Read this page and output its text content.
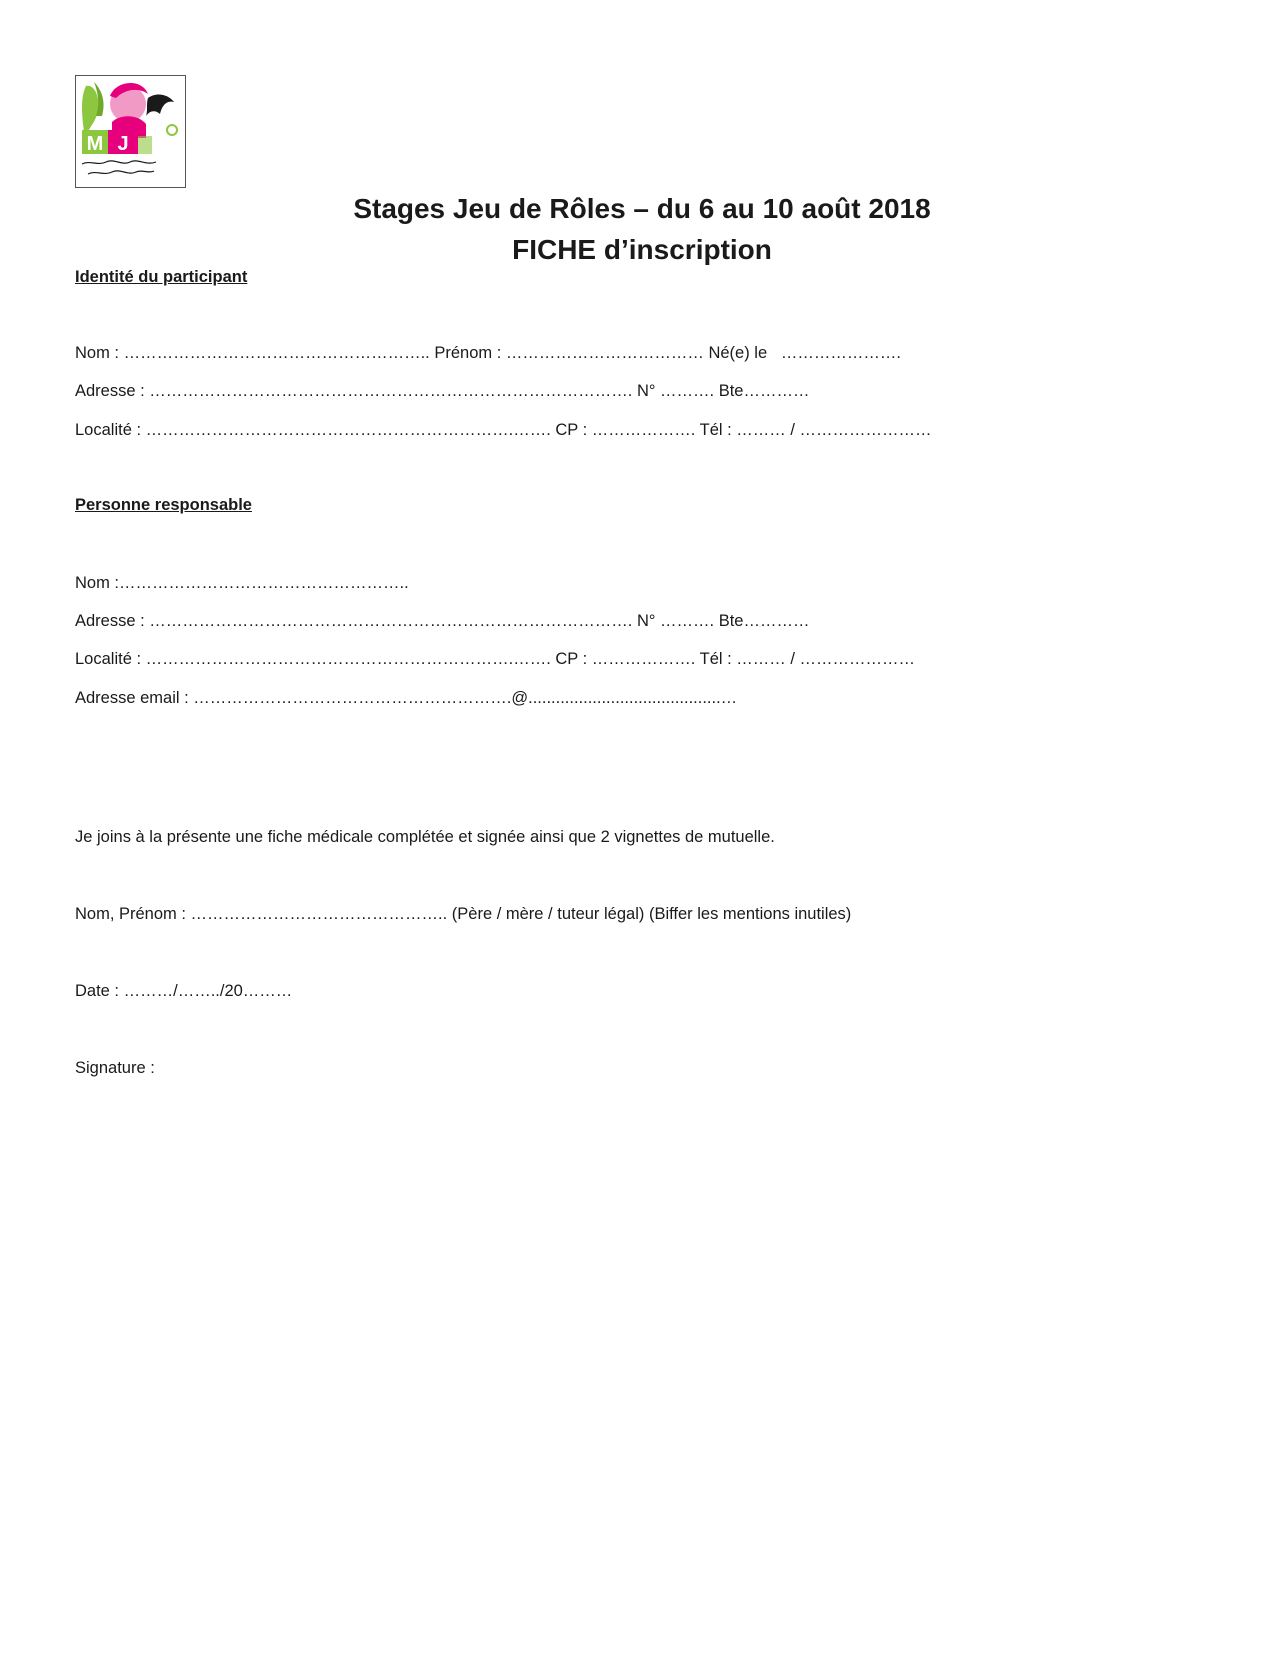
M J
Stages Jeu de Rôles – du 6 au 10 août 2018
FICHE d’inscription

Identité du participant

Nom : ……………………………………………….. Prénom : ……………………………… Né(e) le   ………………….

Adresse : ……………………………………………………………………………. N° ………. Bte…………

Localité : ………………………………………………………….……. CP : ………………. Tél : ……… / ……………………

Personne responsable

Nom :……………………………………………..

Adresse : ……………………………………………………………………………. N° ………. Bte…………

Localité : ………………………………………………………….……. CP : ………………. Tél : ……… / …………………

Adresse email : ………………………………………………….@..........................................…

Je joins à la présente une fiche médicale complétée et signée ainsi que 2 vignettes de mutuelle.

Nom, Prénom : ……………………………………….. (Père / mère / tuteur légal) (Biffer les mentions inutiles)

Date : ………/……../20………

Signature :
